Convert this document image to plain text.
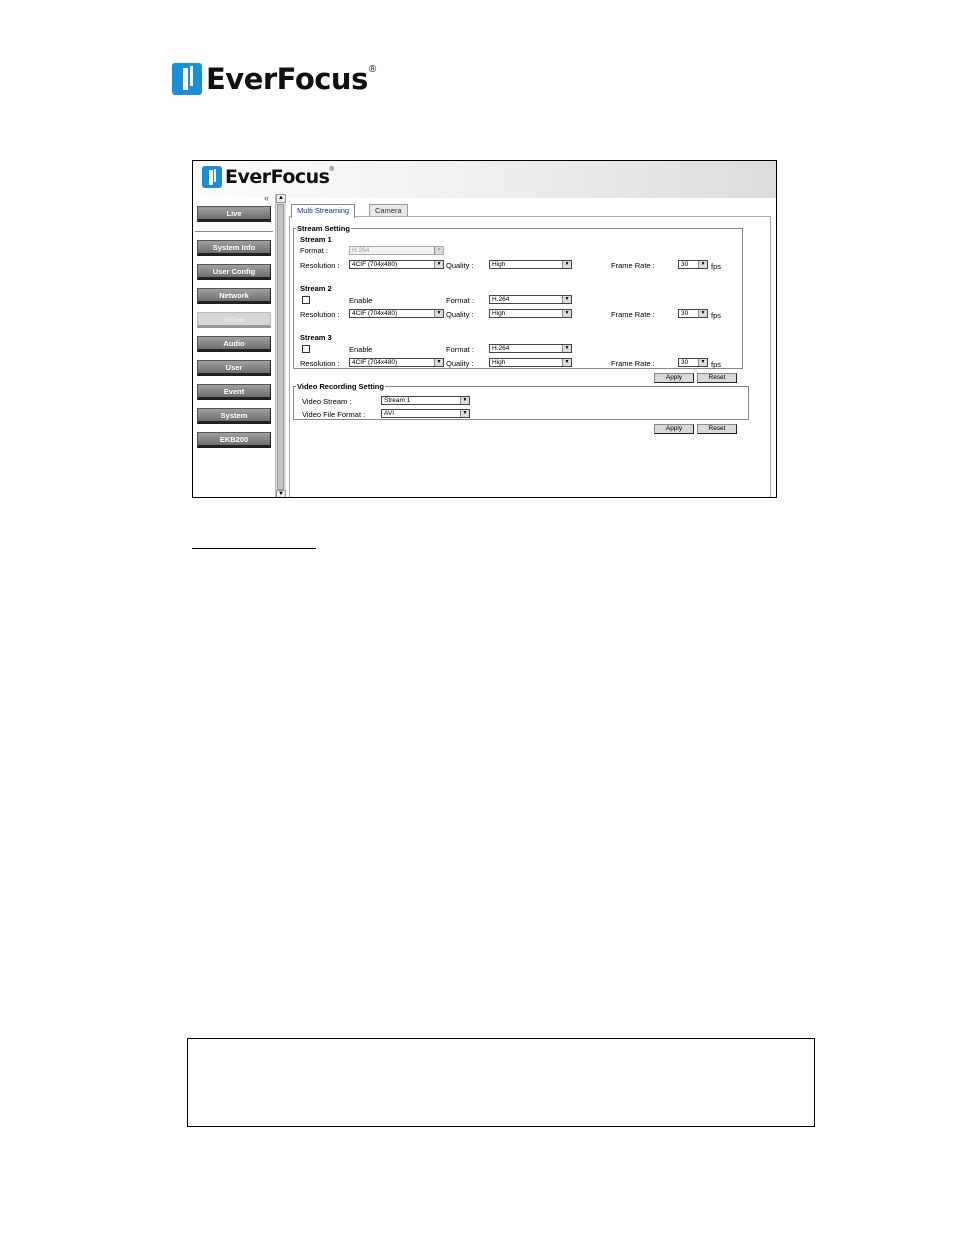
EverFocus ®
EverFocus ®
«
Live
System Info
User Config
Network
Video
Audio
User
Event
System
EKB200
▲
▼
Multi Streaming	Camera
Stream Setting
Stream 1
Format :	H.264	▼
Resolution :	4CIF (704x480)	▼ Quality :	High	▼	Frame Rate :	30	▼ fps
Stream 2
Enable	Format :	H.264	▼
Resolution :	4CIF (704x480)	▼ Quality :	High	▼	Frame Rate :	30	▼ fps
Stream 3
Enable	Format :	H.264	▼
Resolution :	4CIF (704x480)	▼ Quality :	High	▼	Frame Rate :	30	▼ fps
Apply	Reset
Video Recording Setting
Video Stream :	Stream 1	▼
Video File Format :	AVI	▼
Apply	Reset
